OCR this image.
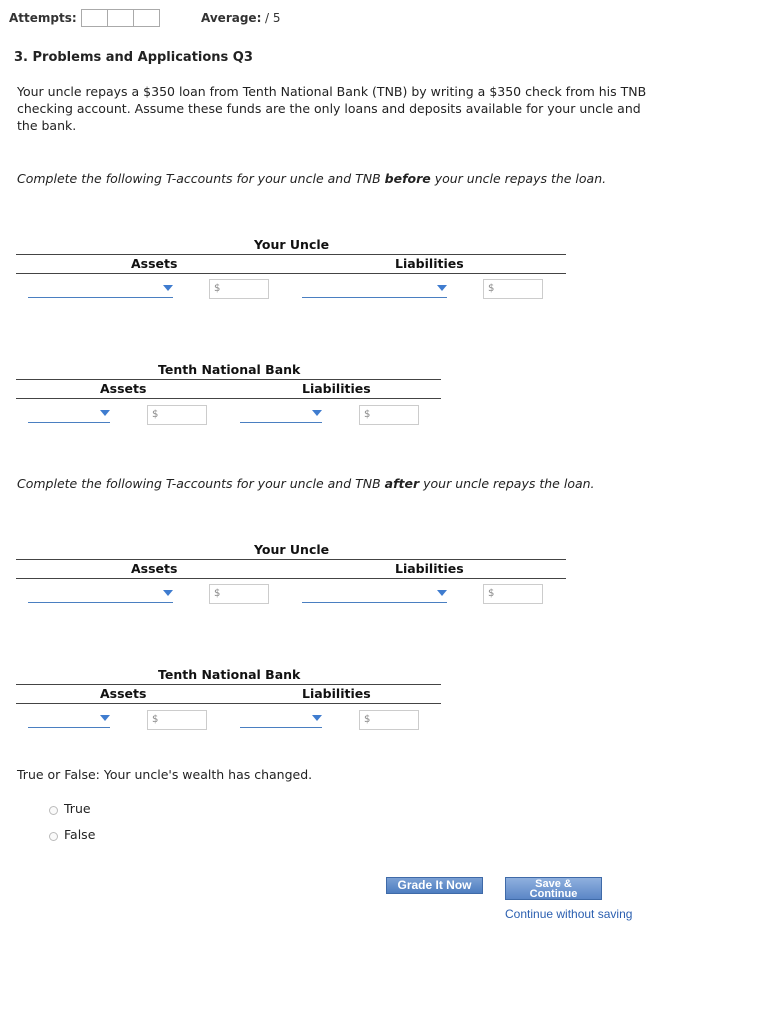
Attempts:	Average: / 5
3. Problems and Applications Q3
Your uncle repays a $350 loan from Tenth National Bank (TNB) by writing a $350 check from his TNB checking account. Assume these funds are the only loans and deposits available for your uncle and the bank.
Complete the following T-accounts for your uncle and TNB before your uncle repays the loan.
Your Uncle
Assets	Liabilities
$	$
Tenth National Bank
Assets	Liabilities
$	$
Complete the following T-accounts for your uncle and TNB after your uncle repays the loan.
Your Uncle
Assets	Liabilities
$	$
Tenth National Bank
Assets	Liabilities
$	$
True or False: Your uncle's wealth has changed.
True
False
Grade It Now	Save &
Continue
Continue without saving
